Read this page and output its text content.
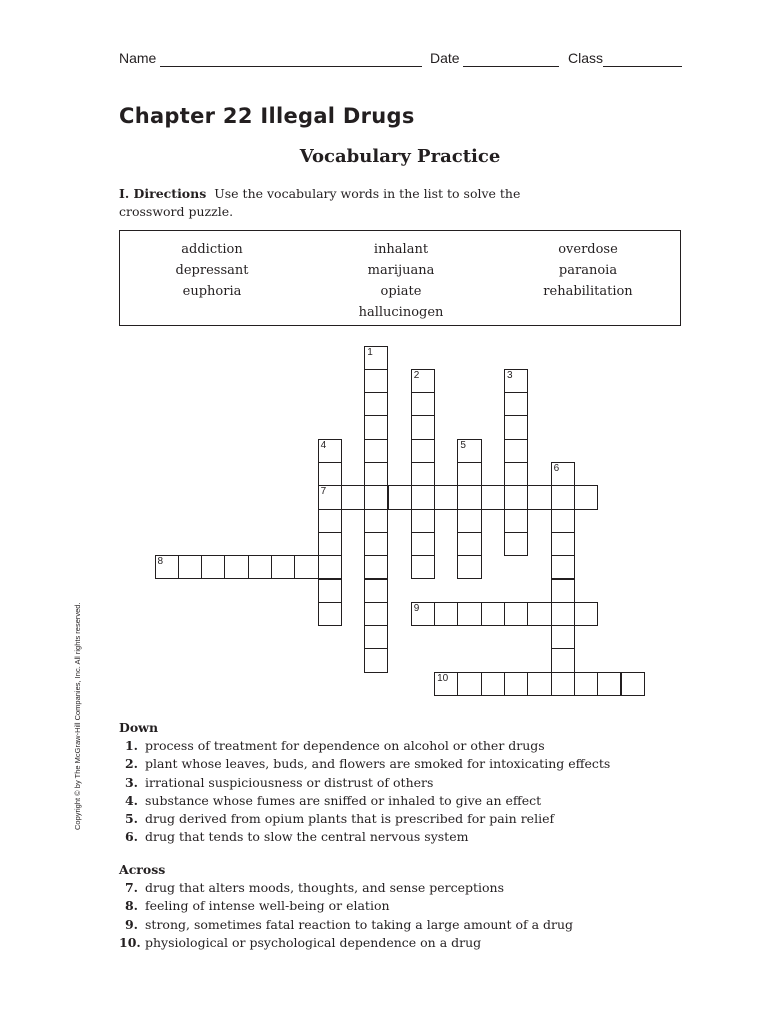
Name	Date	Class
Chapter 22 Illegal Drugs
Vocabulary Practice
I. Directions Use the vocabulary words in the list to solve the crossword puzzle.
addiction
depressant
euphoria
inhalant
marijuana
opiate
hallucinogen
overdose
paranoia
rehabilitation
1
2	3
4
7
5
6
8
9
10
Copyright © by The McGraw-Hill Companies, Inc. All rights reserved.	Down
1. process of treatment for dependence on alcohol or other drugs
2. plant whose leaves, buds, and flowers are smoked for intoxicating effects
3. irrational suspiciousness or distrust of others
4. substance whose fumes are sniffed or inhaled to give an effect
5. drug derived from opium plants that is prescribed for pain relief
6. drug that tends to slow the central nervous system
Across
7. drug that alters moods, thoughts, and sense perceptions
8. feeling of intense well-being or elation
9. strong, sometimes fatal reaction to taking a large amount of a drug
10. physiological or psychological dependence on a drug
